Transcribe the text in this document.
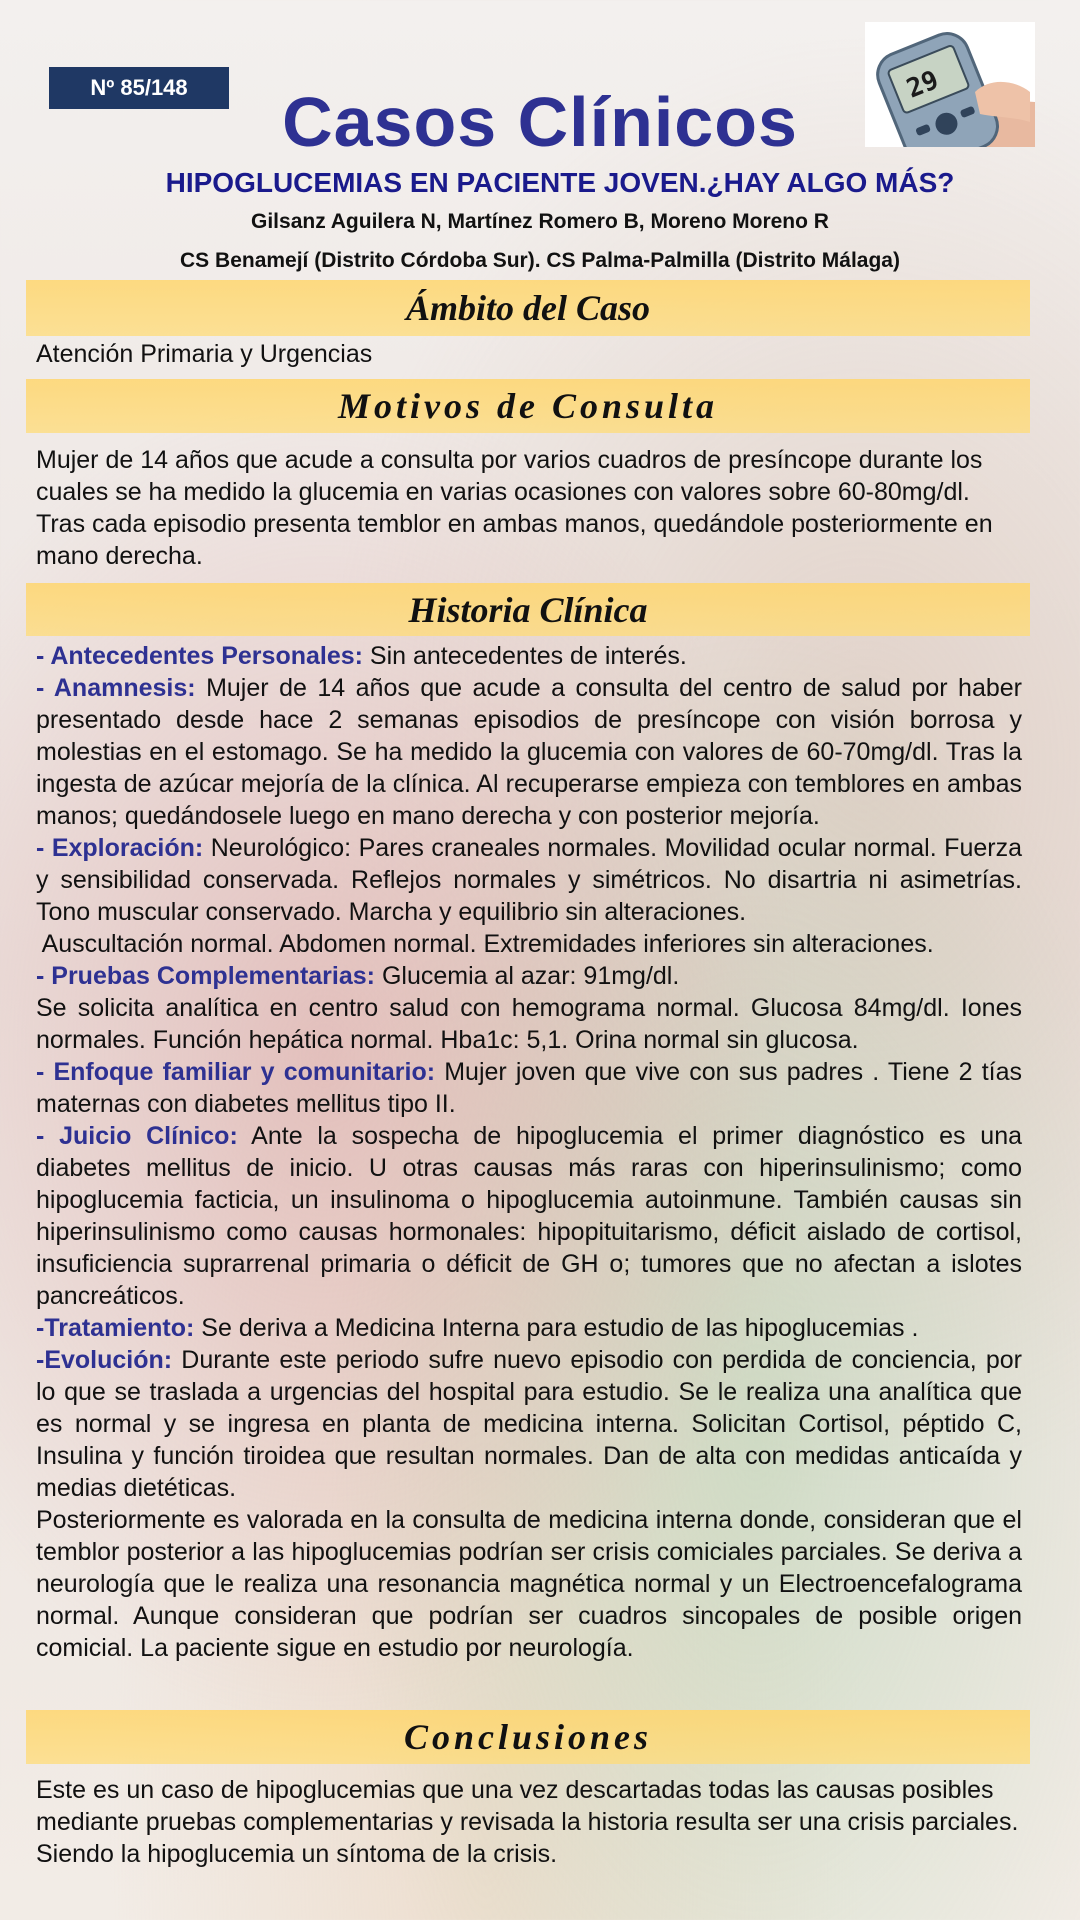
Nº 85/148	29
Casos Clínicos
HIPOGLUCEMIAS EN PACIENTE JOVEN.¿HAY ALGO MÁS?
Gilsanz Aguilera N, Martínez Romero B, Moreno Moreno R
CS Benamejí (Distrito Córdoba Sur). CS Palma-Palmilla (Distrito Málaga)
Ámbito del Caso
Atención Primaria y Urgencias
Motivos de Consulta
Mujer de 14 años que acude a consulta por varios cuadros de presíncope durante los cuales se ha medido la glucemia en varias ocasiones con valores sobre 60-80mg/dl. Tras cada episodio presenta temblor en ambas manos, quedándole posteriormente en mano derecha.
Historia Clínica

- Antecedentes Personales: Sin antecedentes de interés.

- Anamnesis: Mujer de 14 años que acude a consulta del centro de salud por haber presentado desde hace 2 semanas episodios de presíncope con visión borrosa y molestias en el estomago. Se ha medido la glucemia con valores de 60-70mg/dl. Tras la ingesta de azúcar mejoría de la clínica. Al recuperarse empieza con temblores en ambas manos; quedándosele luego en mano derecha y con posterior mejoría.

- Exploración: Neurológico: Pares craneales normales. Movilidad ocular normal. Fuerza y sensibilidad conservada. Reflejos normales y simétricos. No disartria ni asimetrías. Tono muscular conservado. Marcha y equilibrio sin alteraciones.

Auscultación normal. Abdomen normal. Extremidades inferiores sin alteraciones.

- Pruebas Complementarias: Glucemia al azar: 91mg/dl.

Se solicita analítica en centro salud con hemograma normal. Glucosa 84mg/dl. Iones normales. Función hepática normal. Hba1c: 5,1. Orina normal sin glucosa.

- Enfoque familiar y comunitario: Mujer joven que vive con sus padres . Tiene 2 tías maternas con diabetes mellitus tipo II.

- Juicio Clínico: Ante la sospecha de hipoglucemia el primer diagnóstico es una diabetes mellitus de inicio. U otras causas más raras con hiperinsulinismo; como hipoglucemia facticia, un insulinoma o hipoglucemia autoinmune. También causas sin hiperinsulinismo como causas hormonales: hipopituitarismo, déficit aislado de cortisol, insuficiencia suprarrenal primaria o déficit de GH o; tumores que no afectan a islotes pancreáticos.

-Tratamiento: Se deriva a Medicina Interna para estudio de las hipoglucemias .

-Evolución: Durante este periodo sufre nuevo episodio con perdida de conciencia, por lo que se traslada a urgencias del hospital para estudio. Se le realiza una analítica que es normal y se ingresa en planta de medicina interna. Solicitan Cortisol, péptido C, Insulina y función tiroidea que resultan normales. Dan de alta con medidas anticaída y medias dietéticas.

Posteriormente es valorada en la consulta de medicina interna donde, consideran que el temblor posterior a las hipoglucemias podrían ser crisis comiciales parciales. Se deriva a neurología que le realiza una resonancia magnética normal y un Electroencefalograma normal. Aunque consideran que podrían ser cuadros sincopales de posible origen comicial. La paciente sigue en estudio por neurología.

Conclusiones
Este es un caso de hipoglucemias que una vez descartadas todas las causas posibles mediante pruebas complementarias y revisada la historia resulta ser una crisis parciales. Siendo la hipoglucemia un síntoma de la crisis.
